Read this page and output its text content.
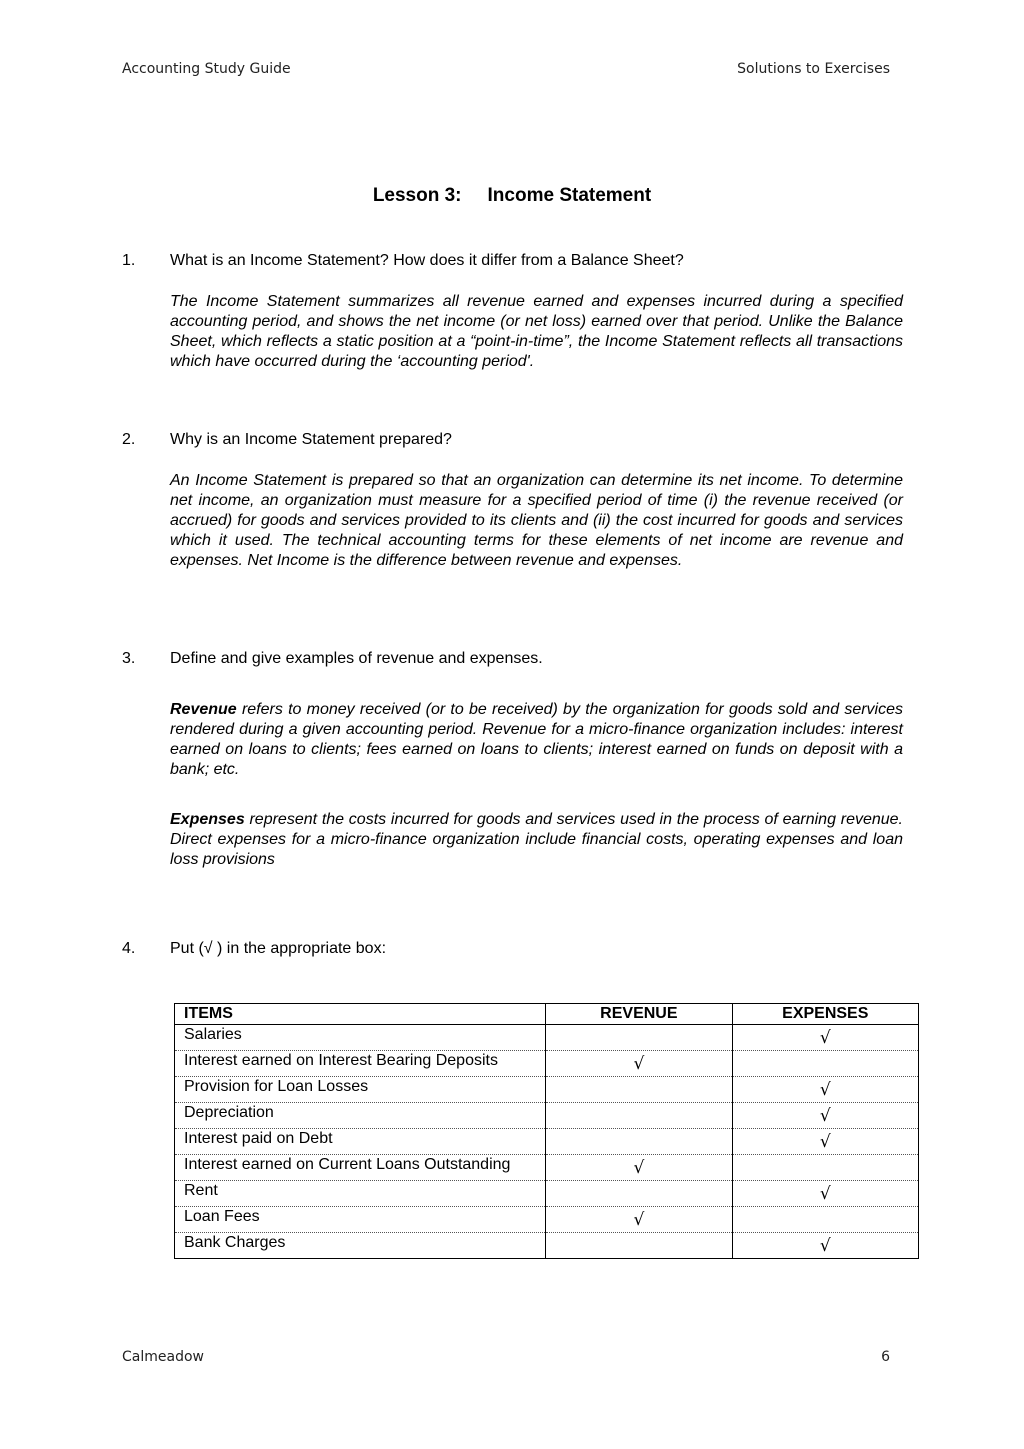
Accounting Study Guide	Solutions to Exercises
Lesson 3: Income Statement
1. What is an Income Statement? How does it differ from a Balance Sheet?
The Income Statement summarizes all revenue earned and expenses incurred during a specified accounting period, and shows the net income (or net loss) earned over that period. Unlike the Balance Sheet, which reflects a static position at a “point-in-time”, the Income Statement reflects all transactions which have occurred during the ‘accounting period'.
2. Why is an Income Statement prepared?
An Income Statement is prepared so that an organization can determine its net income. To determine net income, an organization must measure for a specified period of time (i) the revenue received (or accrued) for goods and services provided to its clients and (ii) the cost incurred for goods and services which it used. The technical accounting terms for these elements of net income are revenue and expenses. Net Income is the difference between revenue and expenses.
3. Define and give examples of revenue and expenses.
Revenue refers to money received (or to be received) by the organization for goods sold and services rendered during a given accounting period. Revenue for a micro-finance organization includes: interest earned on loans to clients; fees earned on loans to clients; interest earned on funds on deposit with a bank; etc.
Expenses represent the costs incurred for goods and services used in the process of earning revenue. Direct expenses for a micro-finance organization include financial costs, operating expenses and loan loss provisions
4. Put (√ ) in the appropriate box:
ITEMS	REVENUE	EXPENSES
Salaries		√
Interest earned on Interest Bearing Deposits	√	
Provision for Loan Losses		√
Depreciation		√
Interest paid on Debt		√
Interest earned on Current Loans Outstanding	√	
Rent		√
Loan Fees	√	
Bank Charges		√
Calmeadow	6
